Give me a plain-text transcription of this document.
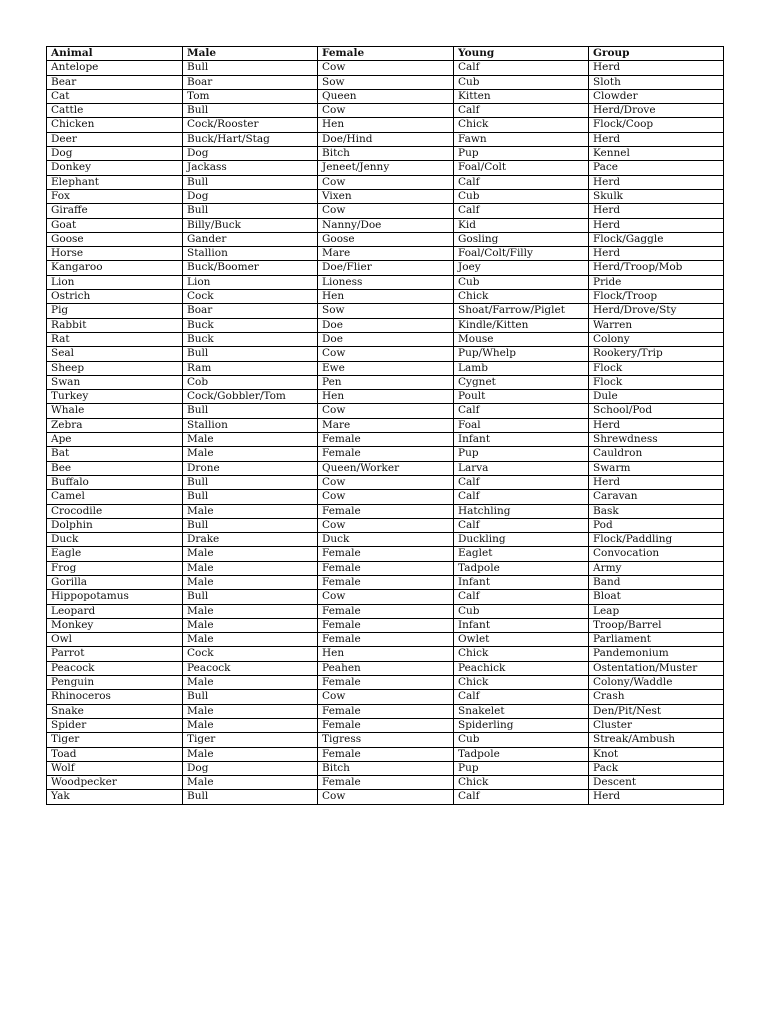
Animal	Male	Female	Young	Group
Antelope	Bull	Cow	Calf	Herd
Bear	Boar	Sow	Cub	Sloth
Cat	Tom	Queen	Kitten	Clowder
Cattle	Bull	Cow	Calf	Herd/Drove
Chicken	Cock/Rooster	Hen	Chick	Flock/Coop
Deer	Buck/Hart/Stag	Doe/Hind	Fawn	Herd
Dog	Dog	Bitch	Pup	Kennel
Donkey	Jackass	Jeneet/Jenny	Foal/Colt	Pace
Elephant	Bull	Cow	Calf	Herd
Fox	Dog	Vixen	Cub	Skulk
Giraffe	Bull	Cow	Calf	Herd
Goat	Billy/Buck	Nanny/Doe	Kid	Herd
Goose	Gander	Goose	Gosling	Flock/Gaggle
Horse	Stallion	Mare	Foal/Colt/Filly	Herd
Kangaroo	Buck/Boomer	Doe/Flier	Joey	Herd/Troop/Mob
Lion	Lion	Lioness	Cub	Pride
Ostrich	Cock	Hen	Chick	Flock/Troop
Pig	Boar	Sow	Shoat/Farrow/Piglet	Herd/Drove/Sty
Rabbit	Buck	Doe	Kindle/Kitten	Warren
Rat	Buck	Doe	Mouse	Colony
Seal	Bull	Cow	Pup/Whelp	Rookery/Trip
Sheep	Ram	Ewe	Lamb	Flock
Swan	Cob	Pen	Cygnet	Flock
Turkey	Cock/Gobbler/Tom	Hen	Poult	Dule
Whale	Bull	Cow	Calf	School/Pod
Zebra	Stallion	Mare	Foal	Herd
Ape	Male	Female	Infant	Shrewdness
Bat	Male	Female	Pup	Cauldron
Bee	Drone	Queen/Worker	Larva	Swarm
Buffalo	Bull	Cow	Calf	Herd
Camel	Bull	Cow	Calf	Caravan
Crocodile	Male	Female	Hatchling	Bask
Dolphin	Bull	Cow	Calf	Pod
Duck	Drake	Duck	Duckling	Flock/Paddling
Eagle	Male	Female	Eaglet	Convocation
Frog	Male	Female	Tadpole	Army
Gorilla	Male	Female	Infant	Band
Hippopotamus	Bull	Cow	Calf	Bloat
Leopard	Male	Female	Cub	Leap
Monkey	Male	Female	Infant	Troop/Barrel
Owl	Male	Female	Owlet	Parliament
Parrot	Cock	Hen	Chick	Pandemonium
Peacock	Peacock	Peahen	Peachick	Ostentation/Muster
Penguin	Male	Female	Chick	Colony/Waddle
Rhinoceros	Bull	Cow	Calf	Crash
Snake	Male	Female	Snakelet	Den/Pit/Nest
Spider	Male	Female	Spiderling	Cluster
Tiger	Tiger	Tigress	Cub	Streak/Ambush
Toad	Male	Female	Tadpole	Knot
Wolf	Dog	Bitch	Pup	Pack
Woodpecker	Male	Female	Chick	Descent
Yak	Bull	Cow	Calf	Herd
